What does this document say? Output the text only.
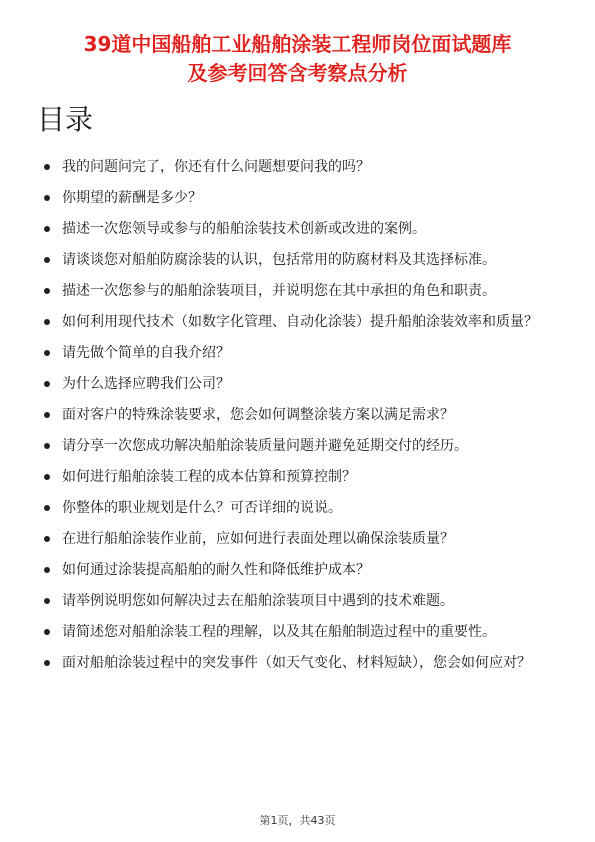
39道中国船舶工业船舶涂装工程师岗位面试题库
及参考回答含考察点分析
目录
我的问题问完了，你还有什么问题想要问我的吗？
你期望的薪酬是多少？
描述一次您领导或参与的船舶涂装技术创新或改进的案例。
请谈谈您对船舶防腐涂装的认识，包括常用的防腐材料及其选择标准。
描述一次您参与的船舶涂装项目，并说明您在其中承担的角色和职责。
如何利用现代技术（如数字化管理、自动化涂装）提升船舶涂装效率和质量？
请先做个简单的自我介绍？
为什么选择应聘我们公司？
面对客户的特殊涂装要求，您会如何调整涂装方案以满足需求？
请分享一次您成功解决船舶涂装质量问题并避免延期交付的经历。
如何进行船舶涂装工程的成本估算和预算控制？
你整体的职业规划是什么？可否详细的说说。
在进行船舶涂装作业前，应如何进行表面处理以确保涂装质量？
如何通过涂装提高船舶的耐久性和降低维护成本？
请举例说明您如何解决过去在船舶涂装项目中遇到的技术难题。
请简述您对船舶涂装工程的理解，以及其在船舶制造过程中的重要性。
面对船舶涂装过程中的突发事件（如天气变化、材料短缺），您会如何应对？
第1页，共43页
